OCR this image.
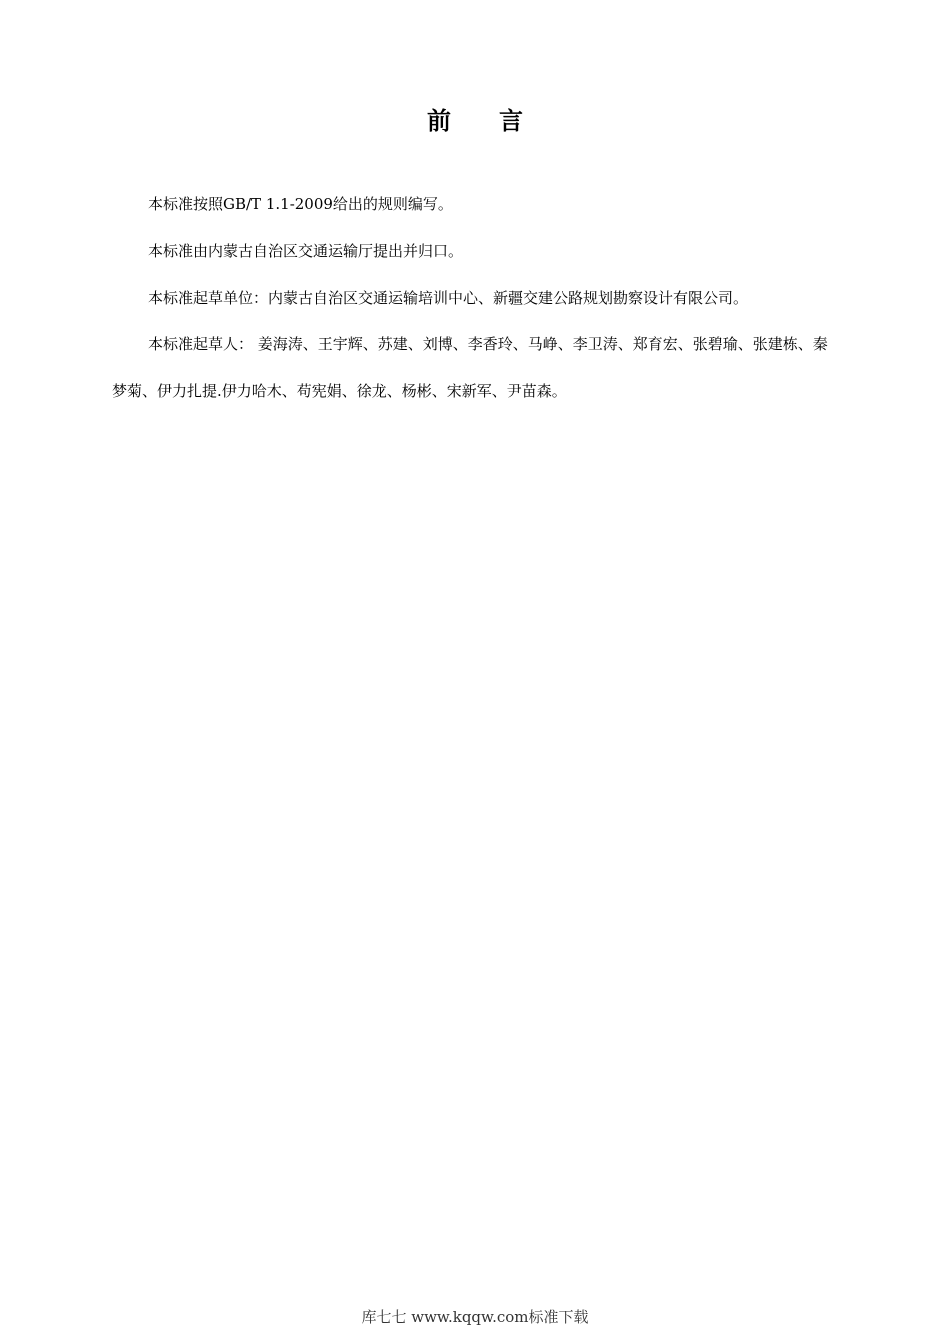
前 言

本标准按照GB/T 1.1-2009给出的规则编写。

本标准由内蒙古自治区交通运输厅提出并归口。

本标准起草单位：内蒙古自治区交通运输培训中心、新疆交建公路规划勘察设计有限公司。

本标准起草人： 姜海涛、王宇辉、苏建、刘博、李香玲、马峥、李卫涛、郑育宏、张碧瑜、张建栋、秦梦菊、伊力扎提.伊力哈木、苟宪娟、徐龙、杨彬、宋新军、尹苗森。

库七七 www.kqqw.com标准下载
